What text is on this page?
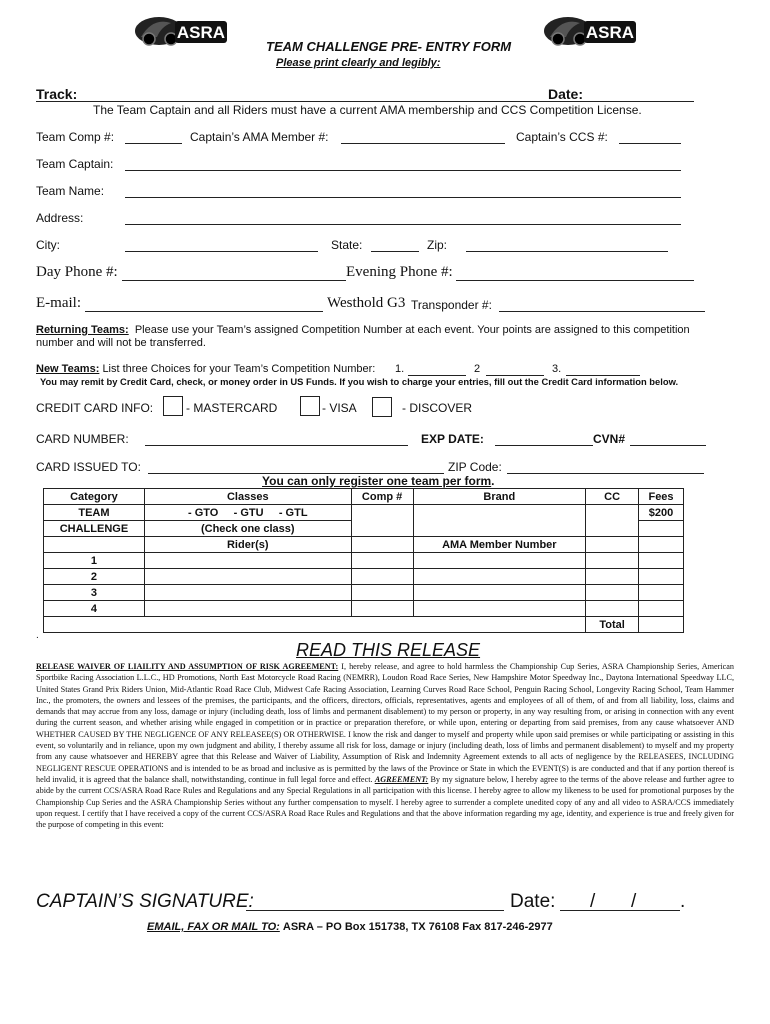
ASRA	ASRA
TEAM CHALLENGE PRE- ENTRY FORM
Please print clearly and legibly:
Track:	Date:
The Team Captain and all Riders must have a current AMA membership and CCS Competition License.
Team Comp #:	Captain’s AMA Member #:	Captain’s CCS #:
Team Captain:
Team Name:
Address:
City:	State:	Zip:
Day Phone #:	Evening Phone #:
E-mail:	Westhold G3 Transponder #:
Returning Teams: Please use your Team’s assigned Competition Number at each event. Your points are assigned to this competition number and will not be transferred.
New Teams: List three Choices for your Team’s Competition Number: 1.	2	3.
You may remit by Credit Card, check, or money order in US Funds. If you wish to charge your entries, fill out the Credit Card information below.
CREDIT CARD INFO:	- MASTERCARD	- VISA	- DISCOVER
CARD NUMBER:	EXP DATE:	CVN#
CARD ISSUED TO:	ZIP Code:
You can only register one team per form.
Category	Classes	Comp #	Brand	CC	Fees
TEAM	- GTO     - GTU     - GTL				$200
CHALLENGE	(Check one class)				
	Rider(s)		AMA Member Number		
1					
2					
3					
4					
				Total	
.
READ THIS RELEASE
RELEASE WAIVER OF LIAILITY AND ASSUMPTION OF RISK AGREEMENT: I, hereby release, and agree to hold harmless the Championship Cup Series, ASRA Championship Series, American Sportbike Racing Association L.L.C., HD Promotions, North East Motorcycle Road Racing (NEMRR), Loudon Road Race Series, New Hampshire Motor Speedway Inc., Daytona International Speedway LLC, United States Grand Prix Riders Union, Mid-Atlantic Road Race Club, Midwest Cafe Racing Association, Learning Curves Road Race School, Penguin Racing School, Longevity Racing School, Team Hammer Inc., the promoters, the owners and lessees of the premises, the participants, and the officers, directors, officials, representatives, agents and employees of all of them, of and from all liability, loss, claims and demands that may accrue from any loss, damage or injury (including death, loss of limbs and permanent disablement) to my person or property, in any way resulting from, or arising in connection with any event during the current season, and whether arising while engaged in competition or in practice or preparation therefore, or while upon, entering or departing from said premises, from any cause whatsoever AND WHETHER CAUSED BY THE NEGLIGENCE OF ANY RELEASEE(S) OR OTHERWISE. I know the risk and danger to myself and property while upon said premises or while participating or assisting in this event, so voluntarily and in reliance, upon my own judgment and ability, I thereby assume all risk for loss, damage or injury (including death, loss of limbs and permanent disablement) to myself and my property from any cause whatsoever and HEREBY agree that this Release and Waiver of Liability, Assumption of Risk and Indemnity Agreement extends to all acts of negligence by the RELEASEES, INCLUDING NEGLIGENT RESCUE OPERATIONS and is intended to be as broad and inclusive as is permitted by the laws of the Province or State in which the EVENT(S) is are conducted and that if any portion thereof is held invalid, it is agreed that the balance shall, notwithstanding, continue in full legal force and effect. AGREEMENT: By my signature below, I hereby agree to the terms of the above release and further agree to abide by the current CCS/ASRA Road Race Rules and Regulations and any Special Regulations in all participation with this license. I hereby agree to allow my likeness to be used for promotional purposes by the Championship Cup Series and the ASRA Championship Series without any further compensation to myself. I hereby agree to surrender a complete unedited copy of any and all video to ASRA/CCS immediately upon request. I certify that I have received a copy of the current CCS/ASRA Road Race Rules and Regulations and that the above information regarding my age, identity, and experience is true and freely given for the purpose of competing in this event:
CAPTAIN’S SIGNATURE:	Date: / / .
EMAIL, FAX OR MAIL TO: ASRA – PO Box 151738, TX 76108 Fax 817-246-2977
